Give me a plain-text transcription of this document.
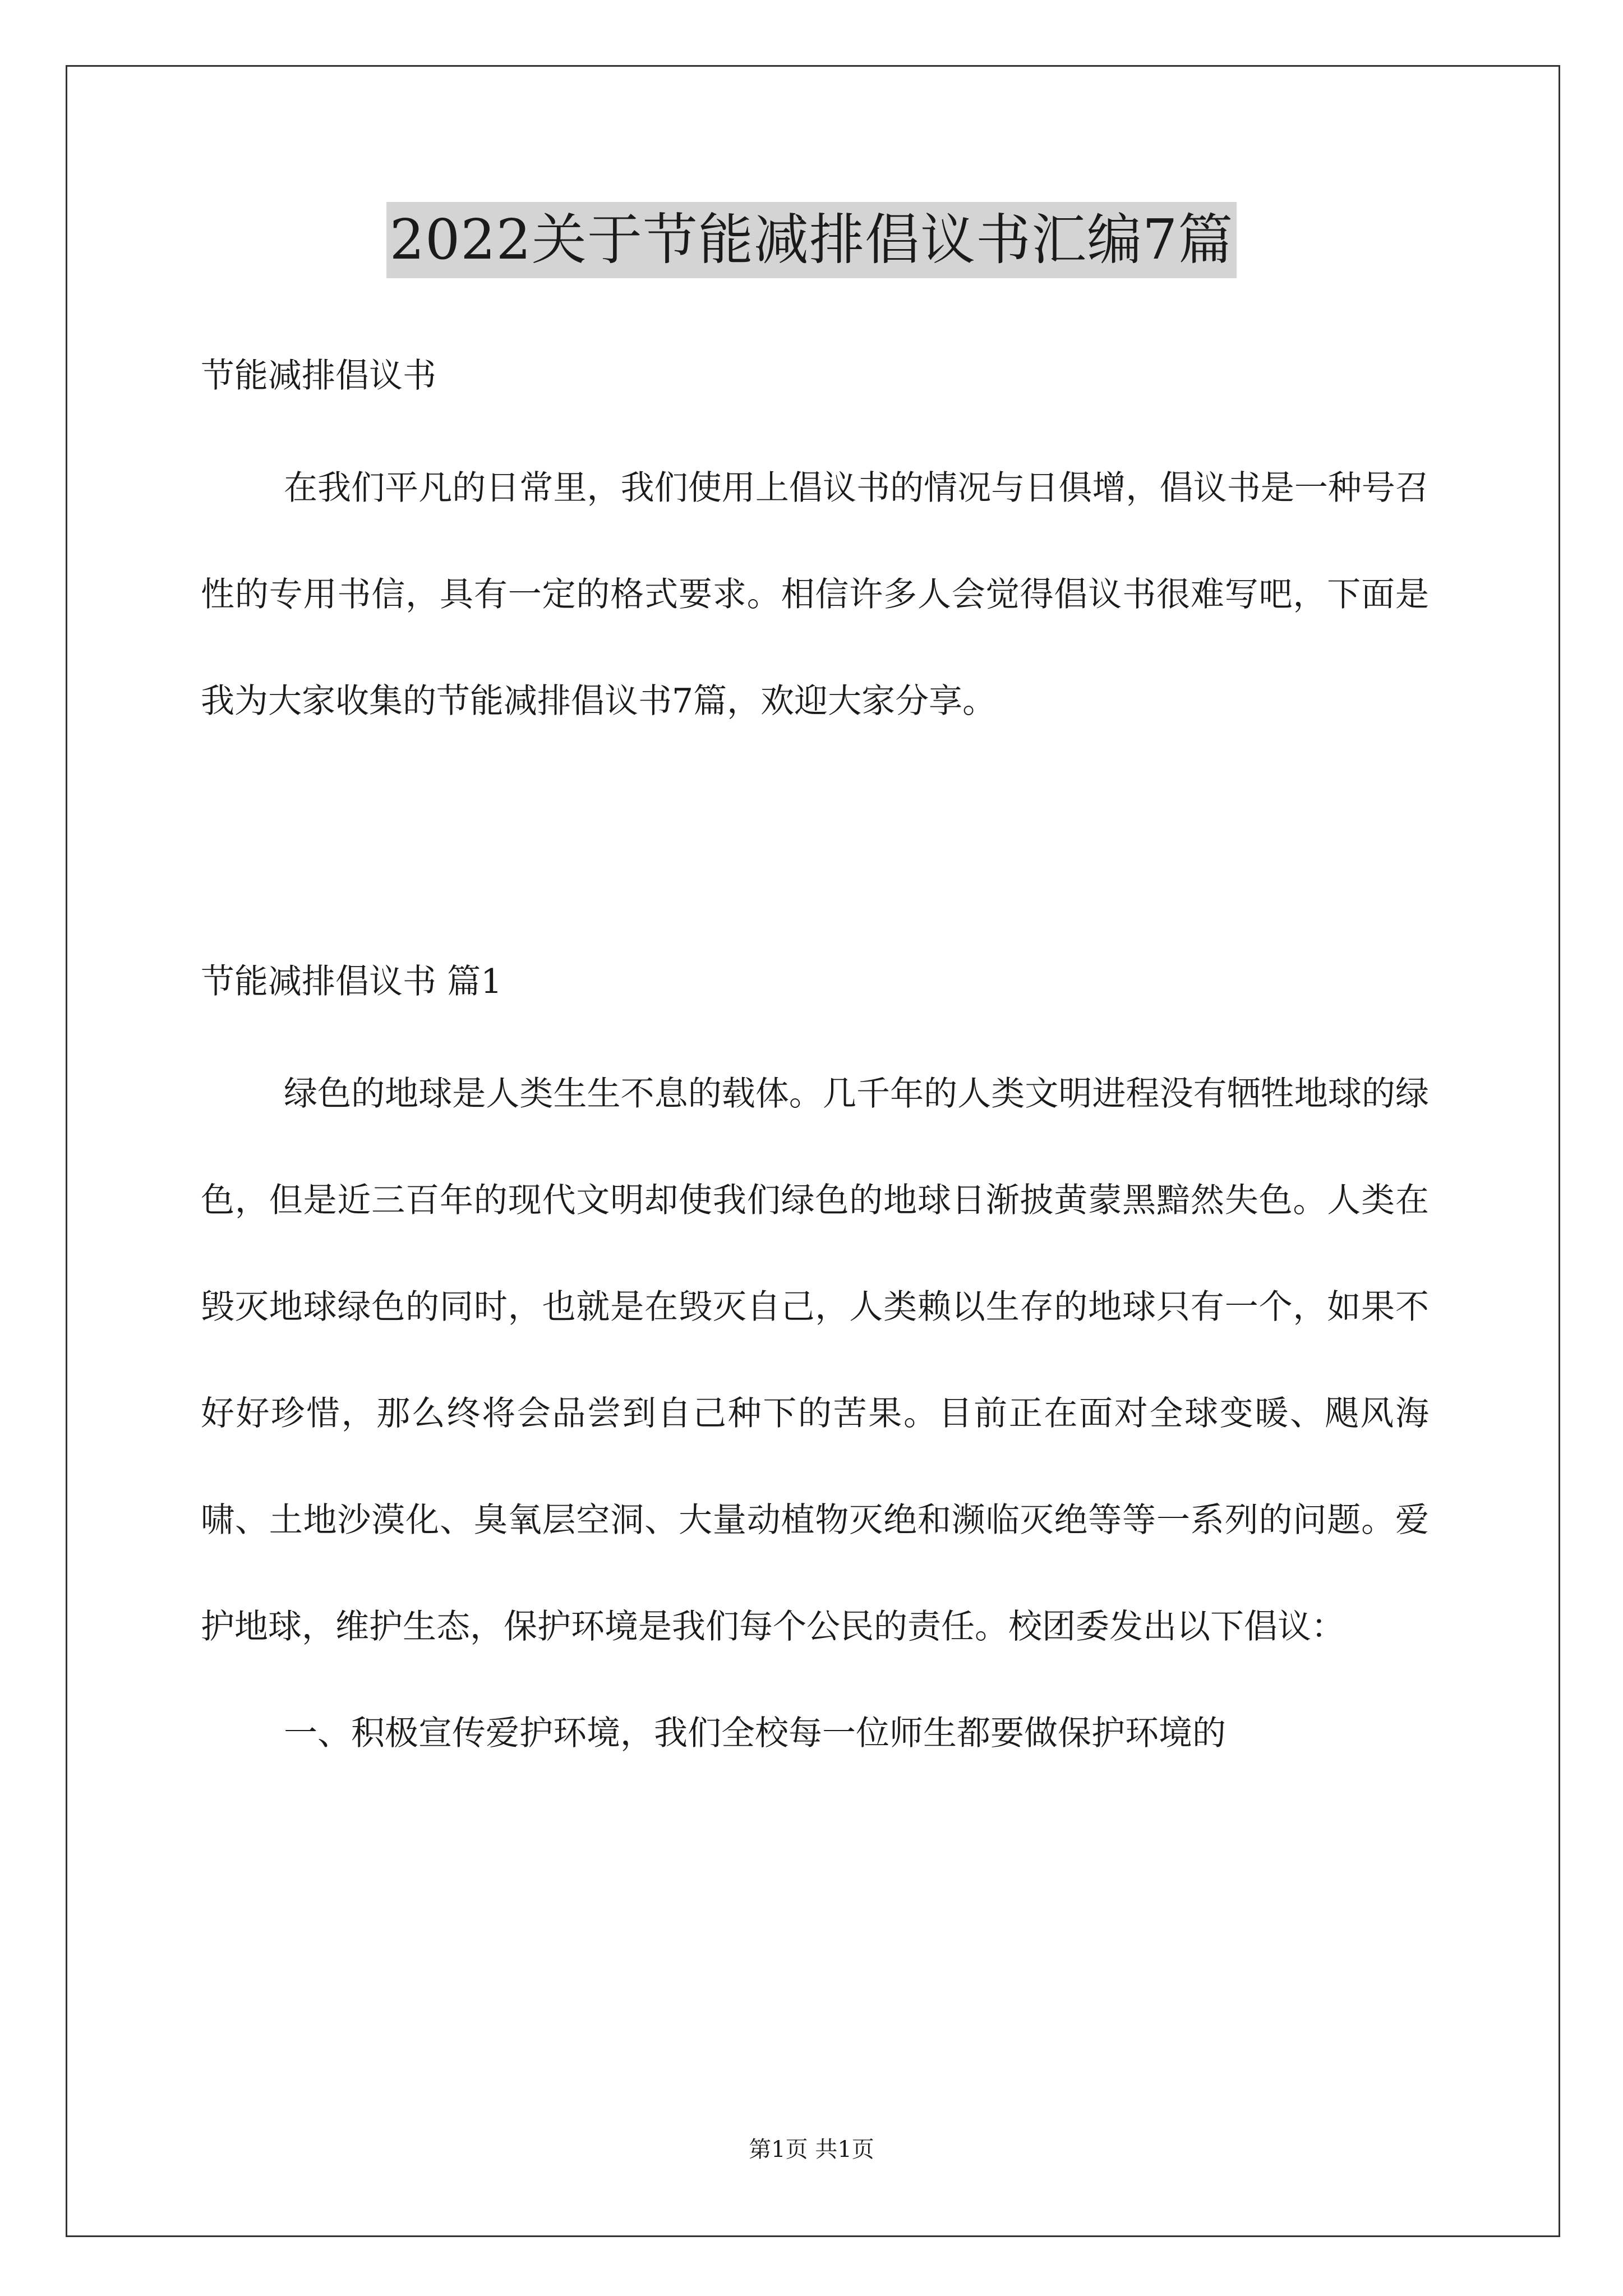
2022关于节能减排倡议书汇编7篇
节能减排倡议书

在我们平凡的日常里，我们使用上倡议书的情况与日俱增，倡议书是一种号召性的专用书信，具有一定的格式要求。相信许多人会觉得倡议书很难写吧，下面是我为大家收集的节能减排倡议书7篇，欢迎大家分享。

节能减排倡议书 篇1

绿色的地球是人类生生不息的载体。几千年的人类文明进程没有牺牲地球的绿色，但是近三百年的现代文明却使我们绿色的地球日渐披黄蒙黑黯然失色。人类在毁灭地球绿色的同时，也就是在毁灭自己，人类赖以生存的地球只有一个，如果不好好珍惜，那么终将会品尝到自己种下的苦果。目前正在面对全球变暖、飓风海啸、土地沙漠化、臭氧层空洞、大量动植物灭绝和濒临灭绝等等一系列的问题。爱护地球，维护生态，保护环境是我们每个公民的责任。校团委发出以下倡议：

一、积极宣传爱护环境，我们全校每一位师生都要做保护环境的

第1页 共1页
